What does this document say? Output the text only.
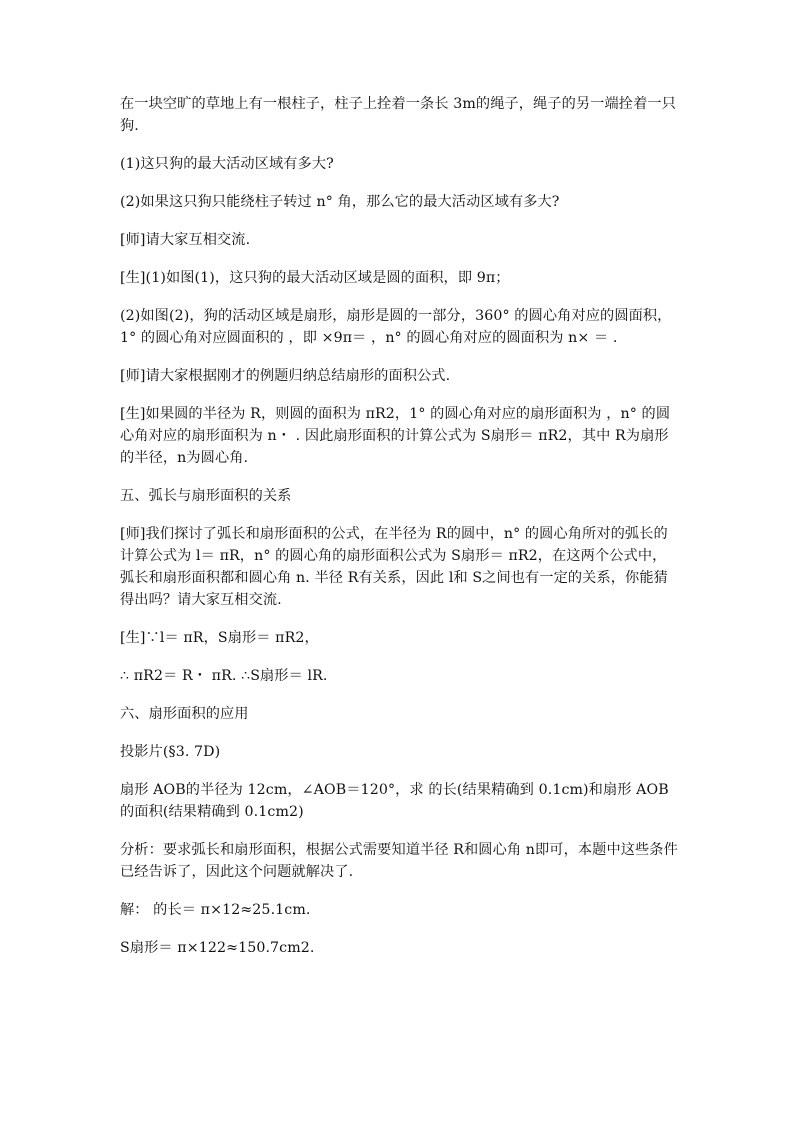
在一块空旷的草地上有一根柱子，柱子上拴着一条长 3m的绳子，绳子的另一端拴着一只狗.

(1)这只狗的最大活动区域有多大?

(2)如果这只狗只能绕柱子转过 n° 角，那么它的最大活动区域有多大?

[师]请大家互相交流.

[生](1)如图(1)，这只狗的最大活动区域是圆的面积，即 9π；

(2)如图(2)，狗的活动区域是扇形，扇形是圆的一部分，360° 的圆心角对应的圆面积，1° 的圆心角对应圆面积的 ，即 ×9π＝ ，n° 的圆心角对应的圆面积为 n× ＝ .

[师]请大家根据刚才的例题归纳总结扇形的面积公式.

[生]如果圆的半径为 R，则圆的面积为 πR2，1° 的圆心角对应的扇形面积为 ，n° 的圆心角对应的扇形面积为 n・ . 因此扇形面积的计算公式为 S扇形＝ πR2，其中 R为扇形的半径，n为圆心角.

五、弧长与扇形面积的关系

[师]我们探讨了弧长和扇形面积的公式，在半径为 R的圆中，n° 的圆心角所对的弧长的计算公式为 l＝ πR，n° 的圆心角的扇形面积公式为 S扇形＝ πR2，在这两个公式中，弧长和扇形面积都和圆心角 n. 半径 R有关系，因此 l和 S之间也有一定的关系，你能猜得出吗？请大家互相交流.

[生]∵l＝ πR，S扇形＝ πR2，

∴ πR2＝ R・ πR. ∴S扇形＝ lR.

六、扇形面积的应用

投影片(§3. 7D)

扇形 AOB的半径为 12cm，∠AOB＝120°，求 的长(结果精确到 0.1cm)和扇形 AOB的面积(结果精确到 0.1cm2)

分析：要求弧长和扇形面积，根据公式需要知道半径 R和圆心角 n即可，本题中这些条件已经告诉了，因此这个问题就解决了.

解： 的长＝ π×12≈25.1cm.

S扇形＝ π×122≈150.7cm2.
